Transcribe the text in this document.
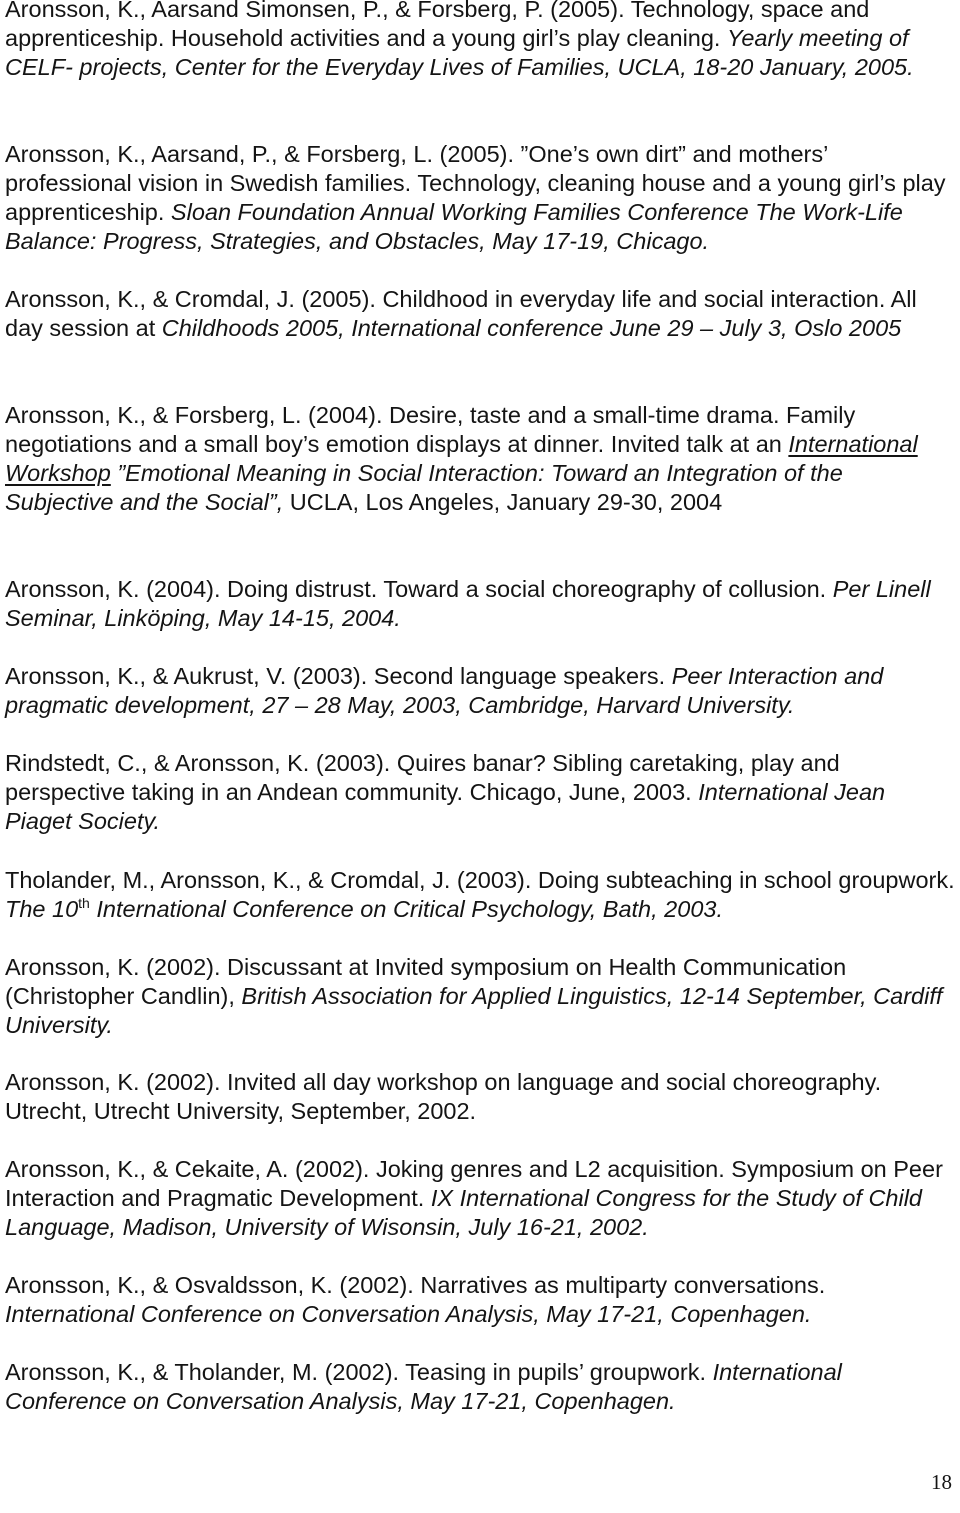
Aronsson, K., Aarsand Simonsen, P., & Forsberg, P. (2005). Technology, space and apprenticeship. Household activities and a young girl’s play cleaning. Yearly meeting of CELF- projects, Center for the Everyday Lives of Families, UCLA, 18-20 January, 2005.

Aronsson, K., Aarsand, P., & Forsberg, L. (2005). ”One’s own dirt” and mothers’ professional vision in Swedish families. Technology, cleaning house and a young girl’s play apprenticeship. Sloan Foundation Annual Working Families Conference The Work-Life Balance: Progress, Strategies, and Obstacles, May 17-19, Chicago.

Aronsson, K., & Cromdal, J. (2005). Childhood in everyday life and social interaction. All day session at Childhoods 2005, International conference June 29 – July 3, Oslo 2005

Aronsson, K., & Forsberg, L. (2004). Desire, taste and a small-time drama. Family negotiations and a small boy’s emotion displays at dinner. Invited talk at an International Workshop ”Emotional Meaning in Social Interaction: Toward an Integration of the Subjective and the Social”, UCLA, Los Angeles, January 29-30, 2004

Aronsson, K. (2004). Doing distrust. Toward a social choreography of collusion. Per Linell Seminar, Linköping, May 14-15, 2004.

Aronsson, K., & Aukrust, V. (2003). Second language speakers. Peer Interaction and pragmatic development, 27 – 28 May, 2003, Cambridge, Harvard University.

Rindstedt, C., & Aronsson, K. (2003). Quires banar? Sibling caretaking, play and perspective taking in an Andean community. Chicago, June, 2003. International Jean Piaget Society.

Tholander, M., Aronsson, K., & Cromdal, J. (2003). Doing subteaching in school groupwork. The 10th International Conference on Critical Psychology, Bath, 2003.

Aronsson, K. (2002). Discussant at Invited symposium on Health Communication (Christopher Candlin), British Association for Applied Linguistics, 12-14 September, Cardiff University.

Aronsson, K. (2002). Invited all day workshop on language and social choreography. Utrecht, Utrecht University, September, 2002.

Aronsson, K., & Cekaite, A. (2002). Joking genres and L2 acquisition. Symposium on Peer Interaction and Pragmatic Development. IX International Congress for the Study of Child Language, Madison, University of Wisonsin, July 16-21, 2002.

Aronsson, K., & Osvaldsson, K. (2002). Narratives as multiparty conversations. International Conference on Conversation Analysis, May 17-21, Copenhagen.

Aronsson, K., & Tholander, M. (2002). Teasing in pupils’ groupwork. International Conference on Conversation Analysis, May 17-21, Copenhagen.

18
